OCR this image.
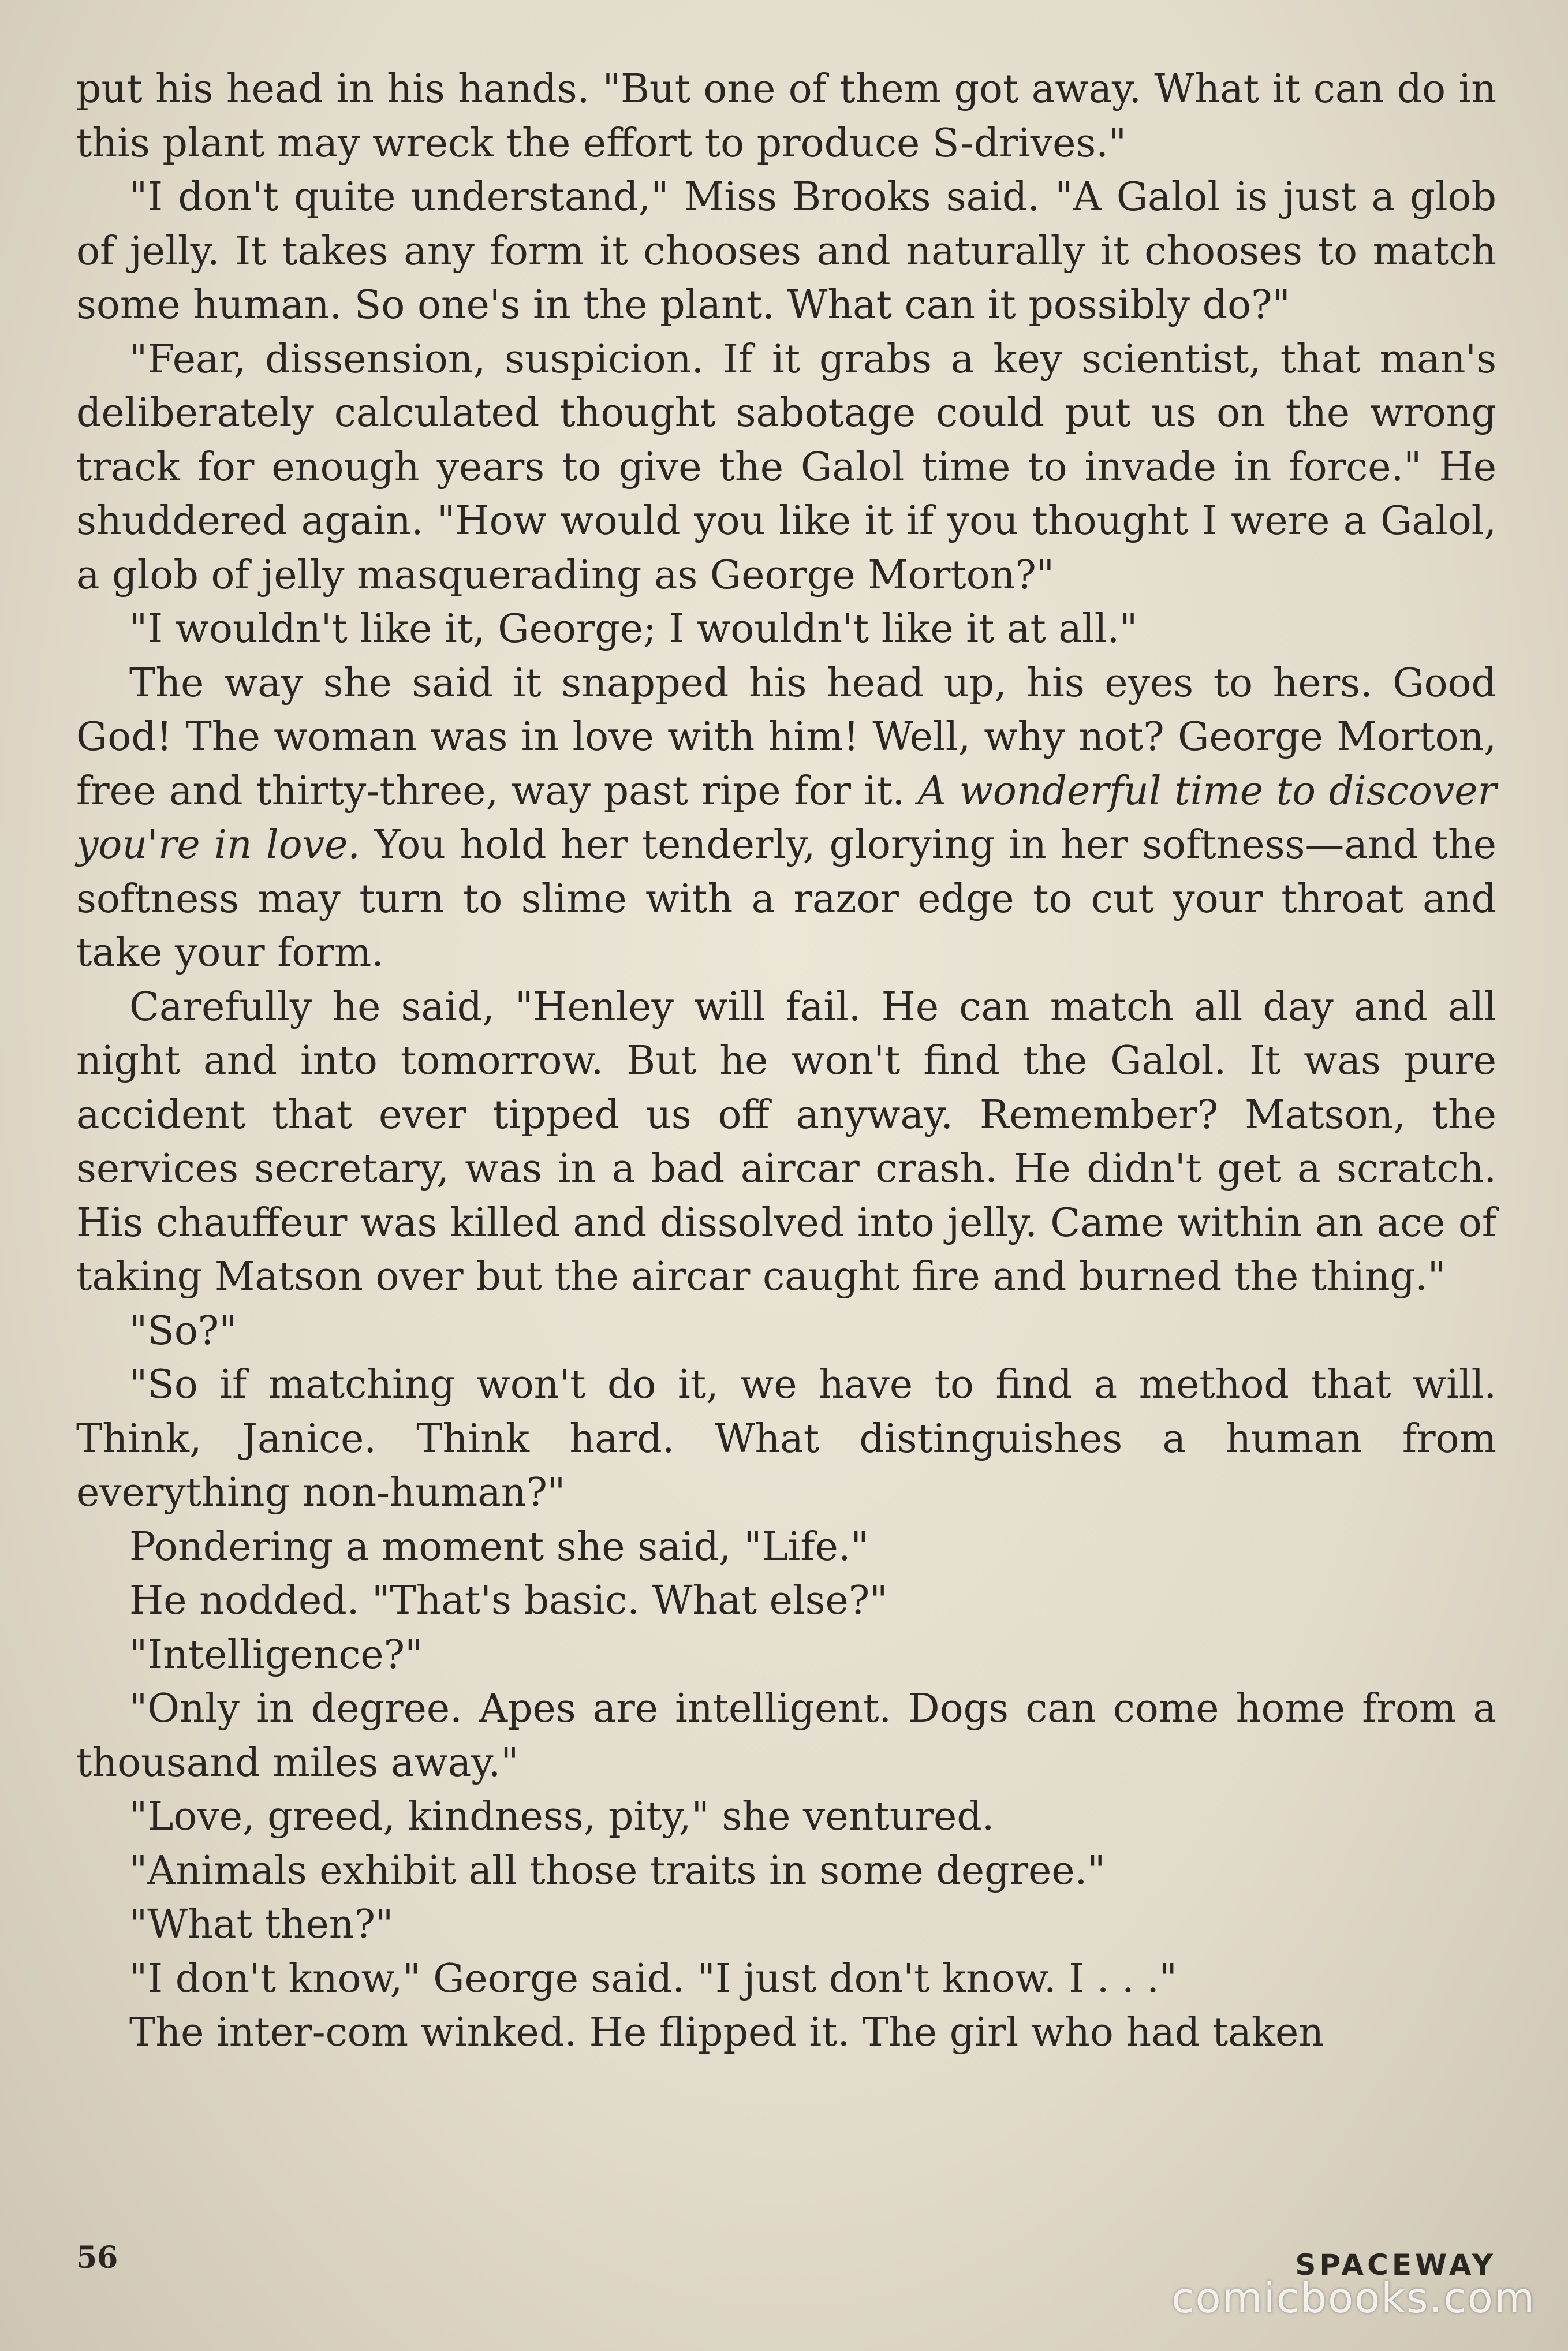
put his head in his hands. "But one of them got away. What it can do in this plant may wreck the effort to produce S-drives."

"I don't quite understand," Miss Brooks said. "A Galol is just a glob of jelly. It takes any form it chooses and naturally it chooses to match some human. So one's in the plant. What can it possibly do?"

"Fear, dissension, suspicion. If it grabs a key scientist, that man's deliberately calculated thought sabotage could put us on the wrong track for enough years to give the Galol time to invade in force." He shuddered again. "How would you like it if you thought I were a Galol, a glob of jelly masquerading as George Morton?"

"I wouldn't like it, George; I wouldn't like it at all."

The way she said it snapped his head up, his eyes to hers. Good God! The woman was in love with him! Well, why not? George Morton, free and thirty-three, way past ripe for it. A wonderful time to discover you're in love. You hold her tenderly, glorying in her softness—and the softness may turn to slime with a razor edge to cut your throat and take your form.

Carefully he said, "Henley will fail. He can match all day and all night and into tomorrow. But he won't find the Galol. It was pure accident that ever tipped us off anyway. Remember? Matson, the services secretary, was in a bad aircar crash. He didn't get a scratch. His chauffeur was killed and dissolved into jelly. Came within an ace of taking Matson over but the aircar caught fire and burned the thing."

"So?"

"So if matching won't do it, we have to find a method that will. Think, Janice. Think hard. What distinguishes a human from everything non-human?"

Pondering a moment she said, "Life."

He nodded. "That's basic. What else?"

"Intelligence?"

"Only in degree. Apes are intelligent. Dogs can come home from a thousand miles away."

"Love, greed, kindness, pity," she ventured.

"Animals exhibit all those traits in some degree."

"What then?"

"I don't know," George said. "I just don't know. I . . ."

The inter-com winked. He flipped it. The girl who had taken

56	SPACEWAY
comicbooks.com
